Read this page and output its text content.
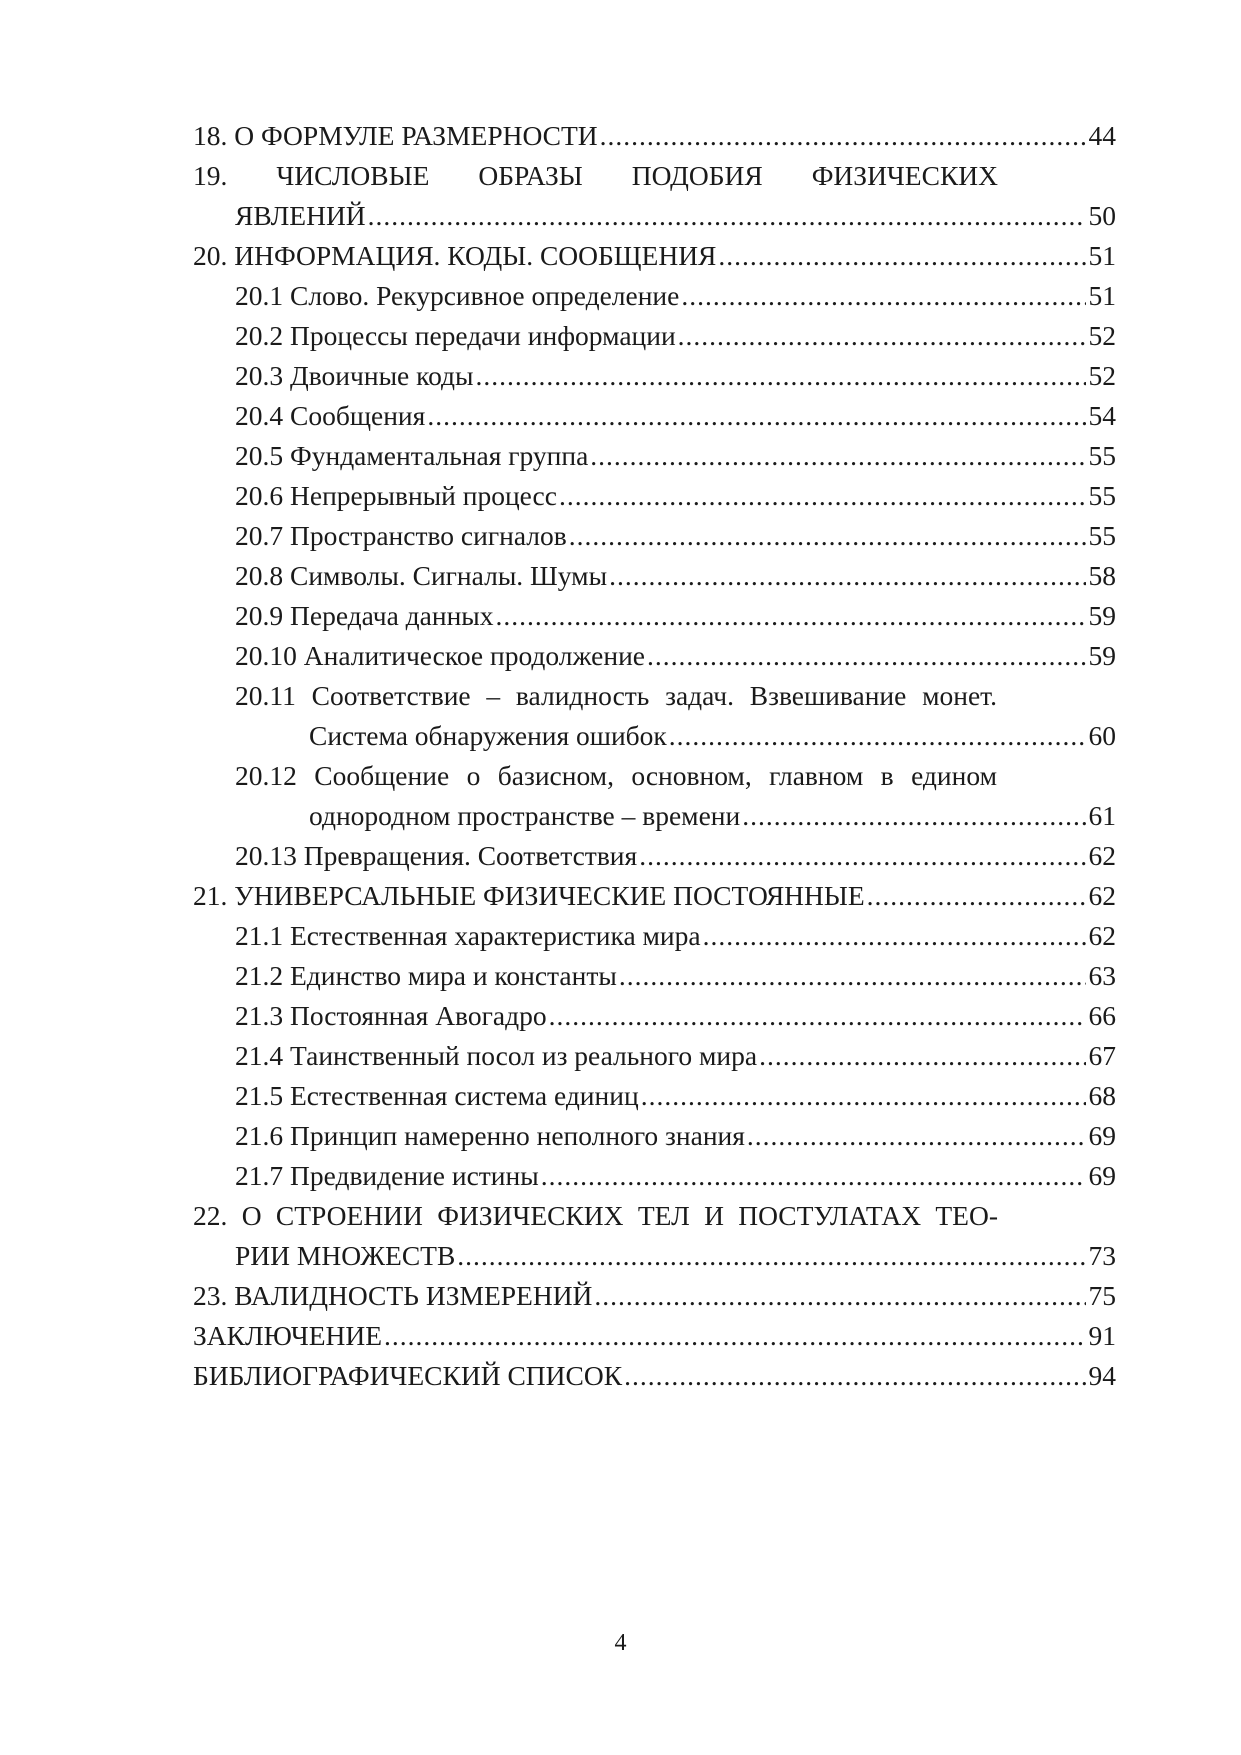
18. О ФОРМУЛЕ РАЗМЕРНОСТИ .....	44
19. ЧИСЛОВЫЕ ОБРАЗЫ ПОДОБИЯ ФИЗИЧЕСКИХ
ЯВЛЕНИЙ .....	50
20. ИНФОРМАЦИЯ. КОДЫ. СООБЩЕНИЯ .....	51
20.1 Слово. Рекурсивное определение .....	51
20.2 Процессы передачи информации .....	52
20.3 Двоичные коды .....	52
20.4 Сообщения .....	54
20.5 Фундаментальная группа .....	55
20.6 Непрерывный процесс .....	55
20.7 Пространство сигналов .....	55
20.8 Символы. Сигналы. Шумы .....	58
20.9 Передача данных .....	59
20.10 Аналитическое продолжение .....	59
20.11 Соответствие – валидность задач. Взвешивание монет.
Система обнаружения ошибок .....	60
20.12 Сообщение о базисном, основном, главном в едином
однородном пространстве – времени .....	61
20.13 Превращения. Соответствия .....	62
21. УНИВЕРСАЛЬНЫЕ ФИЗИЧЕСКИЕ ПОСТОЯННЫЕ .....	62
21.1 Естественная характеристика мира .....	62
21.2 Единство мира и константы .....	63
21.3 Постоянная Авогадро .....	66
21.4 Таинственный посол из реального мира .....	67
21.5 Естественная система единиц .....	68
21.6 Принцип намеренно неполного знания .....	69
21.7 Предвидение истины .....	69
22. О СТРОЕНИИ ФИЗИЧЕСКИХ ТЕЛ И ПОСТУЛАТАХ ТЕО-
РИИ МНОЖЕСТВ .....	73
23. ВАЛИДНОСТЬ ИЗМЕРЕНИЙ .....	75
ЗАКЛЮЧЕНИЕ .....	91
БИБЛИОГРАФИЧЕСКИЙ СПИСОК .....	94
4
